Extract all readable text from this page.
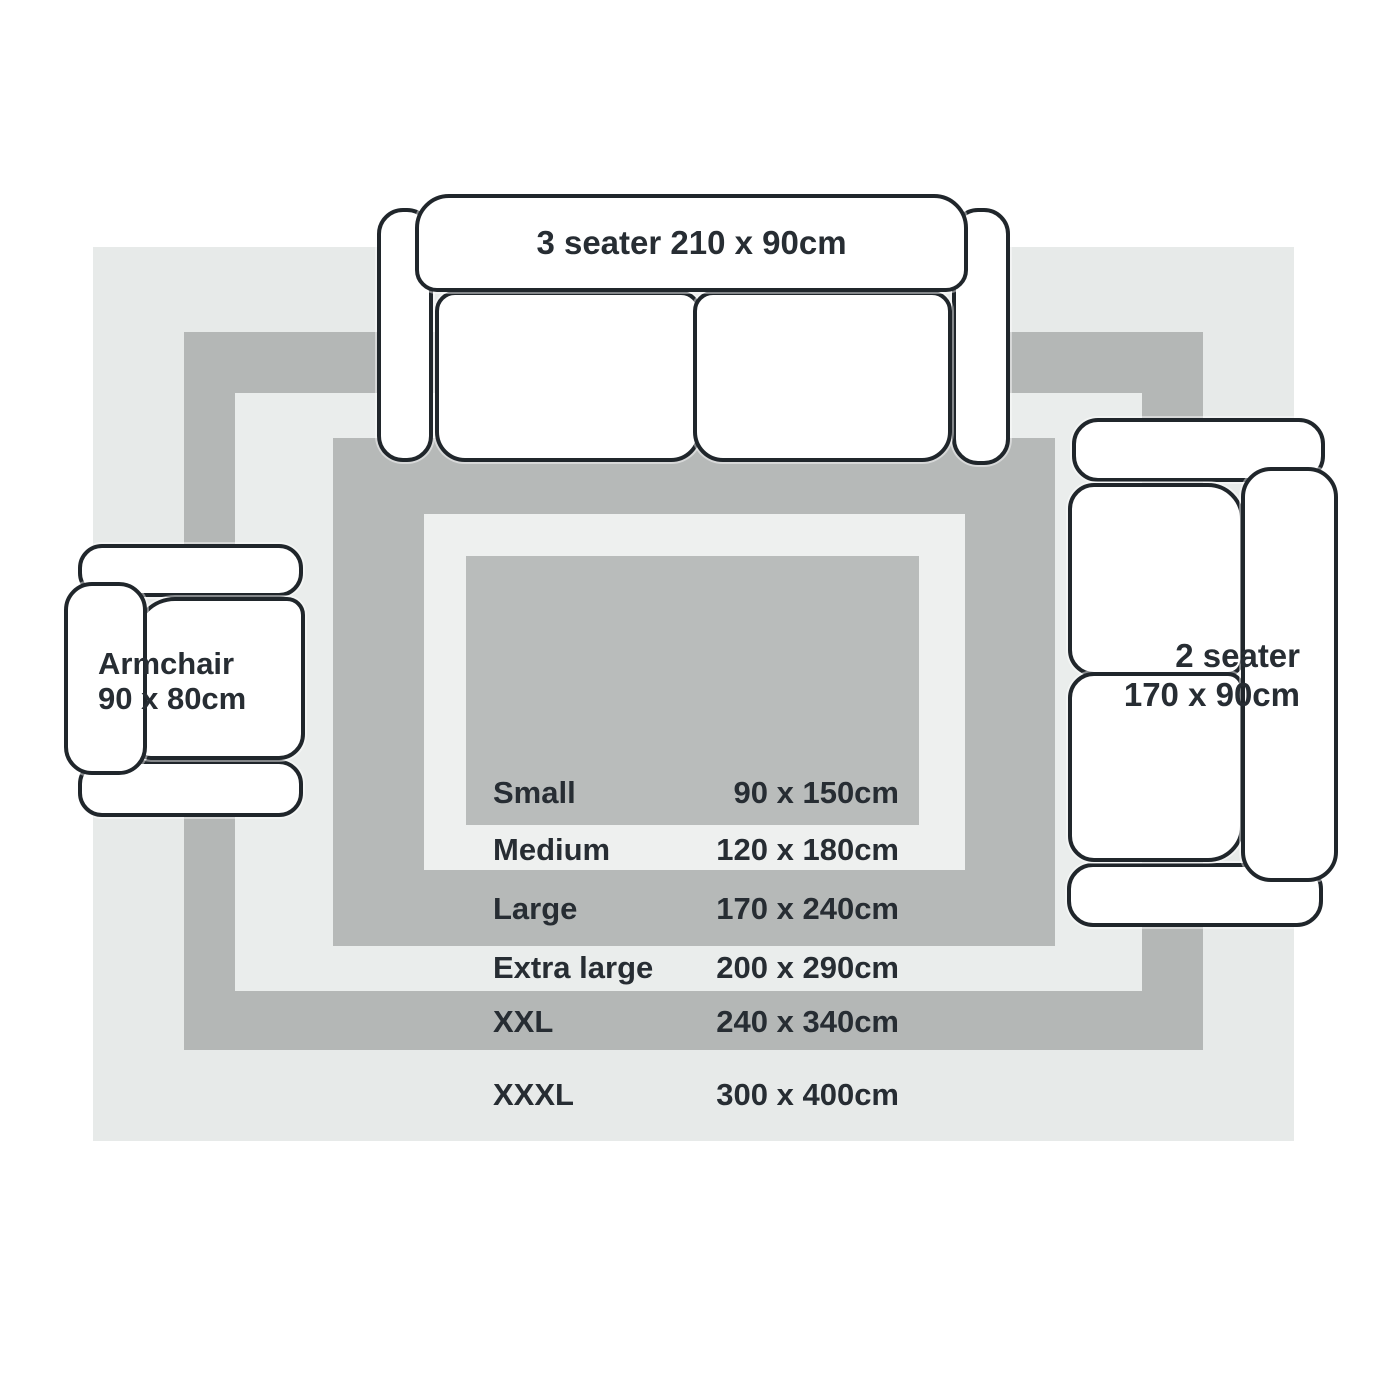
Small	90 x 150cm
Medium	120 x 180cm
Large	170 x 240cm
Extra large 200 x 290cm
XXL	240 x 340cm
XXXL	300 x 400cm
3 seater 210 x 90cm
2 seater
170 x 90cm
Armchair
90 x 80cm
